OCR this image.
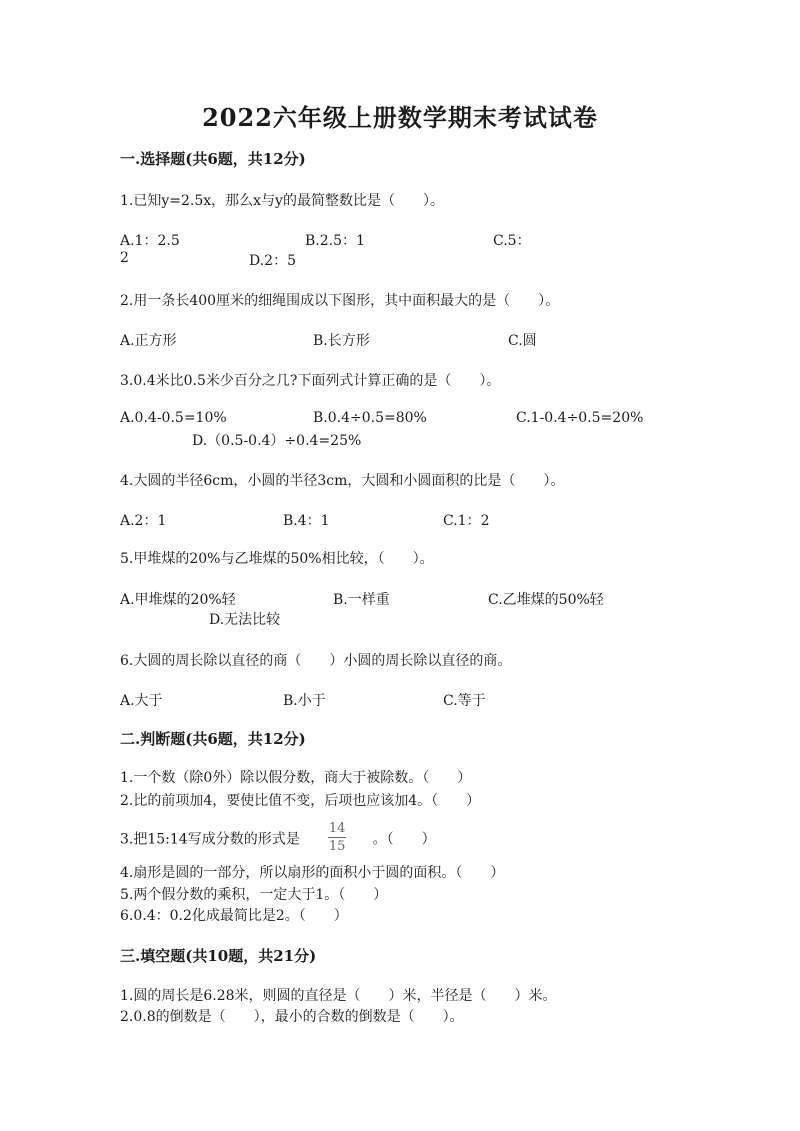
2022六年级上册数学期末考试试卷
一.选择题(共6题，共12分)
1.已知y=2.5x，那么x与y的最简整数比是（　　）。
A.1：2.5	B.2.5：1	C.5：
2	D.2：5
2.用一条长400厘米的细绳围成以下图形，其中面积最大的是（　　）。
A.正方形	B.长方形	C.圆
3.0.4米比0.5米少百分之几?下面列式计算正确的是（　　）。
A.0.4-0.5=10%	B.0.4÷0.5=80%	C.1-0.4÷0.5=20%
D.（0.5-0.4）÷0.4=25%
4.大圆的半径6cm，小圆的半径3cm，大圆和小圆面积的比是（　　）。
A.2：1	B.4：1	C.1：2
5.甲堆煤的20%与乙堆煤的50%相比较，（　　）。
A.甲堆煤的20%轻	B.一样重	C.乙堆煤的50%轻
D.无法比较
6.大圆的周长除以直径的商（　　）小圆的周长除以直径的商。
A.大于	B.小于	C.等于
二.判断题(共6题，共12分)
1.一个数（除0外）除以假分数，商大于被除数。（　　）
2.比的前项加4，要使比值不变，后项也应该加4。（　　）
3.把15:14写成分数的形式是 $\frac{14}{15}$ 。（　　）
4.扇形是圆的一部分，所以扇形的面积小于圆的面积。（　　）
5.两个假分数的乘积，一定大于1。（　　）
6.0.4：0.2化成最简比是2。（　　）
三.填空题(共10题，共21分)
1.圆的周长是6.28米，则圆的直径是（　　）米，半径是（　　）米。
2.0.8的倒数是（　　），最小的合数的倒数是（　　）。
